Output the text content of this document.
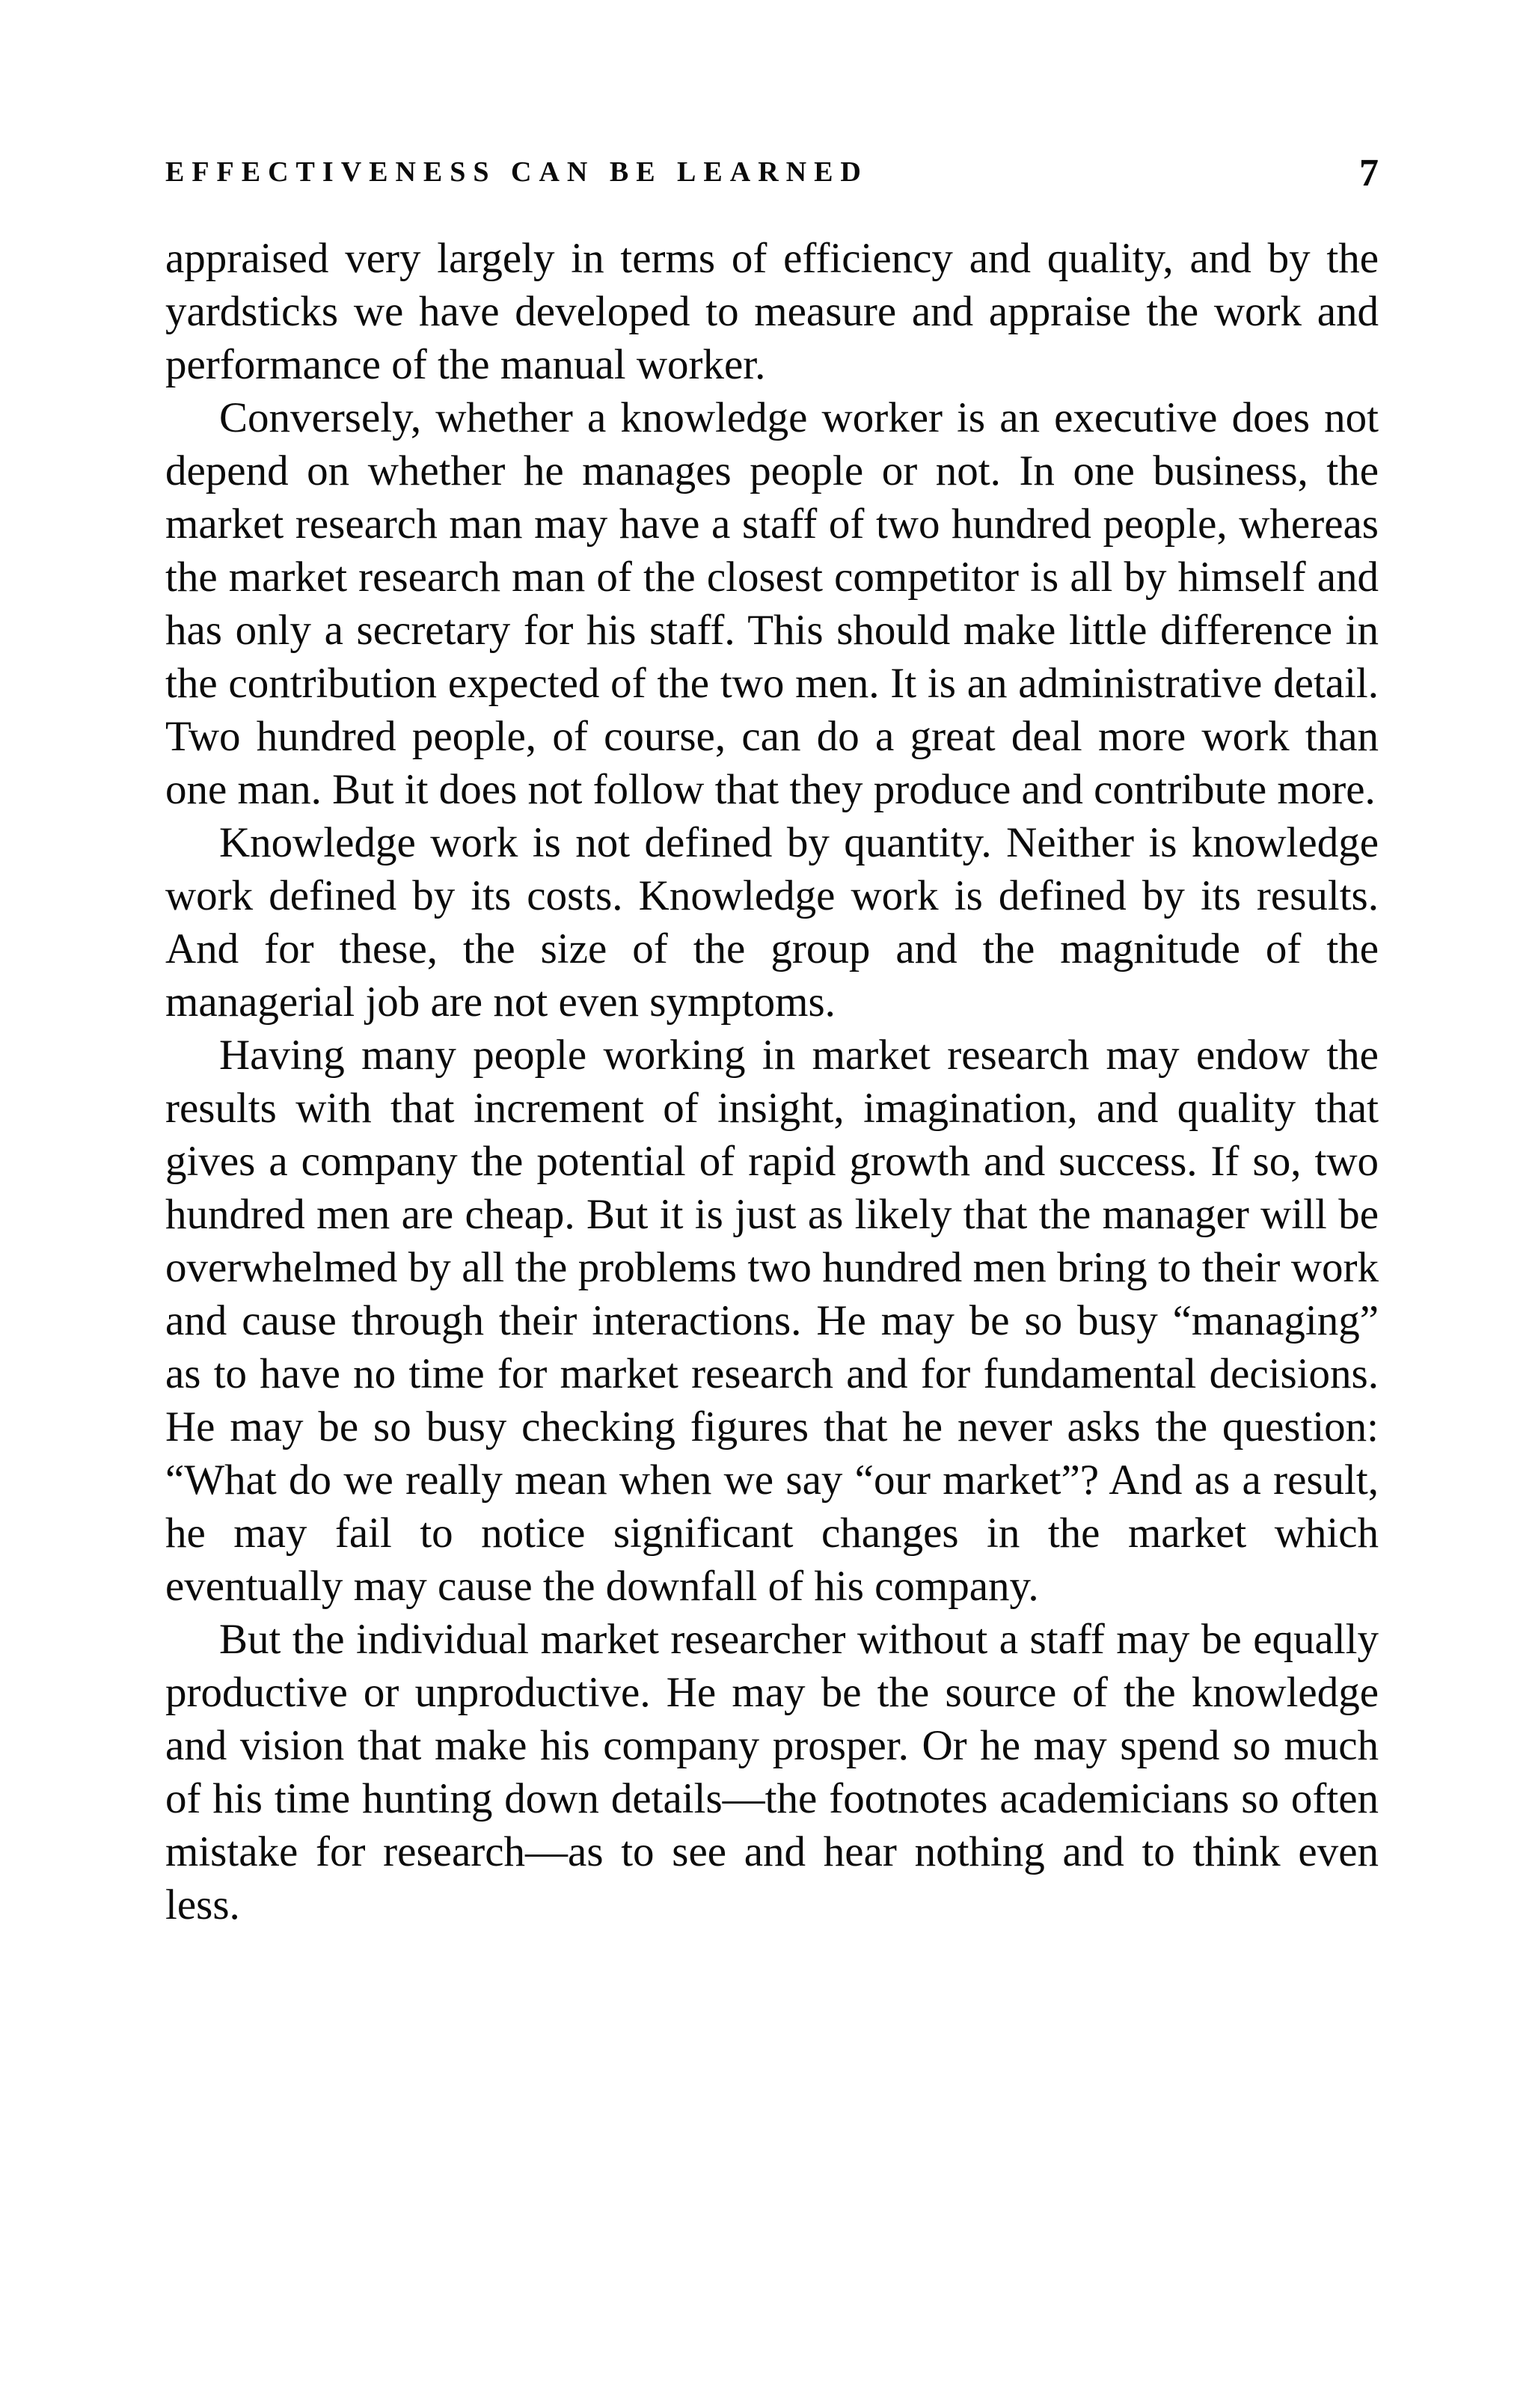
EFFECTIVENESS CAN BE LEARNED	7

appraised very largely in terms of efficiency and quality, and by the yardsticks we have developed to measure and appraise the work and performance of the manual worker.

Conversely, whether a knowledge worker is an executive does not depend on whether he manages people or not. In one business, the market research man may have a staff of two hundred people, whereas the market research man of the closest competitor is all by himself and has only a secretary for his staff. This should make little difference in the contribution expected of the two men. It is an administrative detail. Two hundred people, of course, can do a great deal more work than one man. But it does not follow that they produce and contribute more.

Knowledge work is not defined by quantity. Neither is knowledge work defined by its costs. Knowledge work is defined by its results. And for these, the size of the group and the magnitude of the managerial job are not even symptoms.

Having many people working in market research may endow the results with that increment of insight, imagination, and quality that gives a company the potential of rapid growth and success. If so, two hundred men are cheap. But it is just as likely that the manager will be overwhelmed by all the problems two hundred men bring to their work and cause through their interactions. He may be so busy “managing” as to have no time for market research and for fundamental decisions. He may be so busy checking figures that he never asks the question: “What do we really mean when we say “our market”? And as a result, he may fail to notice significant changes in the market which eventually may cause the downfall of his company.

But the individual market researcher without a staff may be equally productive or unproductive. He may be the source of the knowledge and vision that make his company prosper. Or he may spend so much of his time hunting down details—the footnotes academicians so often mistake for research—as to see and hear nothing and to think even less.
